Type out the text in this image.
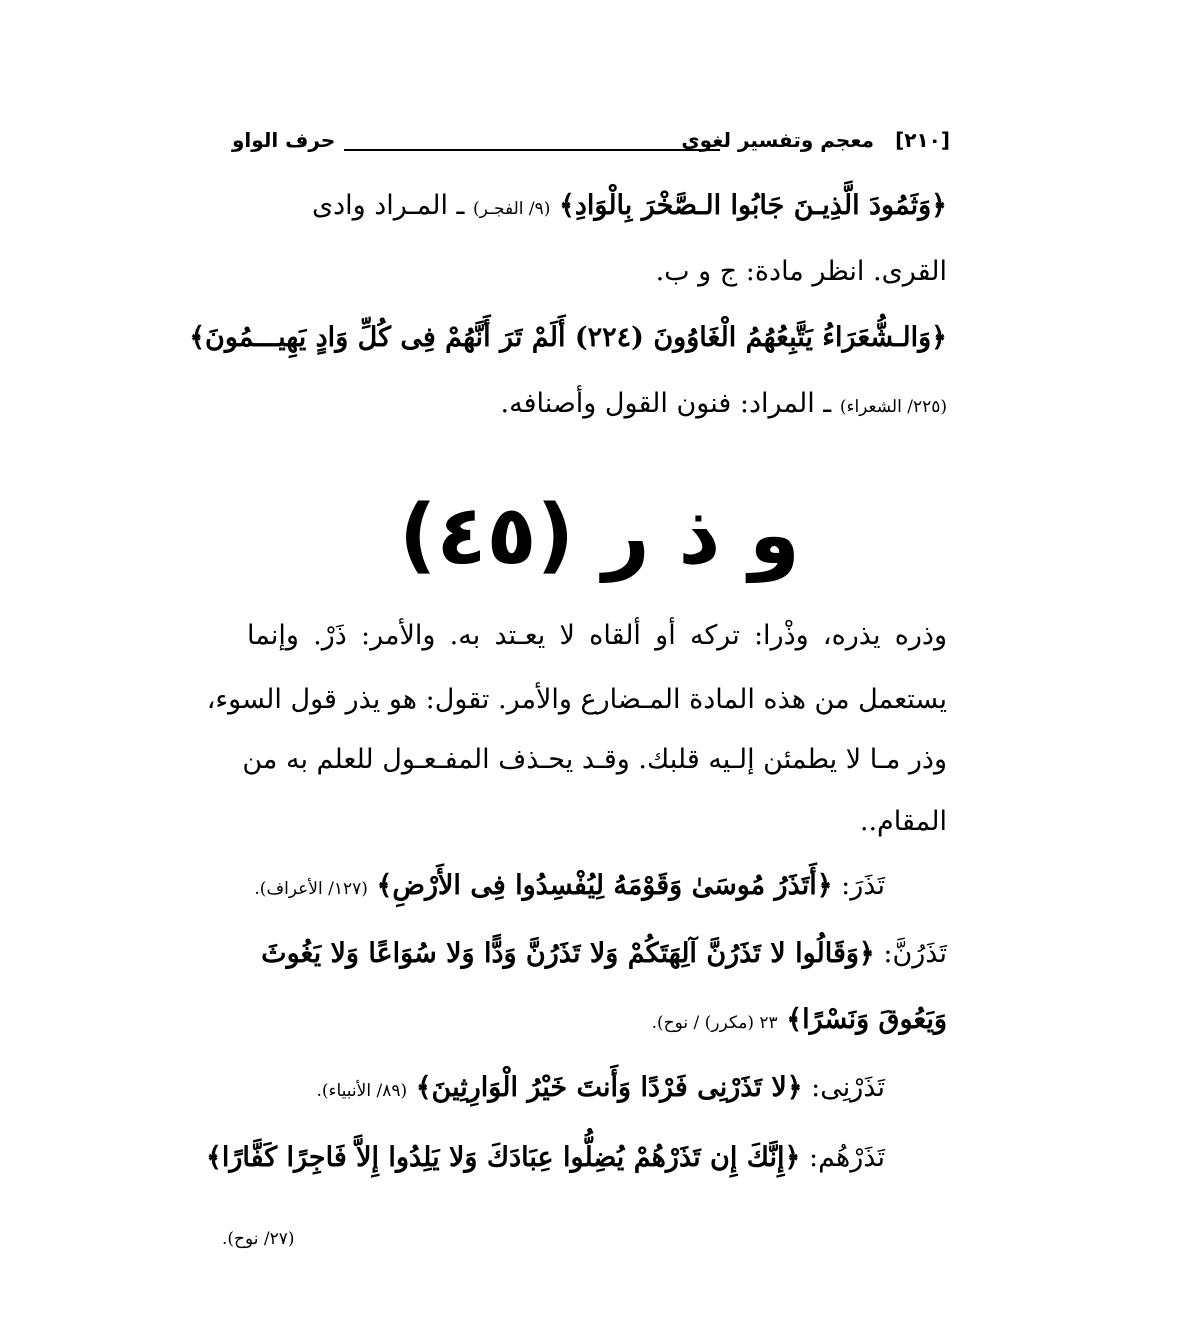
[٢١٠]
معجم وتفسير لغوى
حرف الواو
﴿وَثَمُودَ الَّذِيـنَ جَابُوا الـصَّخْرَ بِالْوَادِ﴾ (٩/ الفجـر) ـ المـراد وادى
القرى. انظر مادة: ج و ب.
﴿وَالـشُّعَرَاءُ يَتَّبِعُهُمُ الْغَاوُونَ (٢٢٤) أَلَمْ تَرَ أَنَّهُمْ فِى كُلِّ وَادٍ يَهِيـــمُونَ﴾
(٢٢٥/ الشعراء) ـ المراد: فنون القول وأصنافه.
و ذ ر (٤٥)
وذره يذره، وذْرا: تركه أو ألقاه لا يعـتد به. والأمر: ذَرْ. وإنما
يستعمل من هذه المادة المـضارع والأمر. تقول: هو يذر قول السوء،
وذر مـا لا يطمئن إلـيه قلبك. وقـد يحـذف المفـعـول للعلم به من
المقام..
تَذَرَ: ﴿أَتَذَرُ مُوسَىٰ وَقَوْمَهُ لِيُفْسِدُوا فِى الأَرْضِ﴾ (١٢٧/ الأعراف).
تَذَرُنَّ: ﴿وَقَالُوا لا تَذَرُنَّ آلِهَتَكُمْ وَلا تَذَرُنَّ وَدًّا وَلا سُوَاعًا وَلا يَغُوثَ
وَيَعُوقَ وَنَسْرًا﴾ ٢٣ (مكرر) / نوح).
تَذَرْنِى: ﴿لا تَذَرْنِى فَرْدًا وَأَنتَ خَيْرُ الْوَارِثِينَ﴾ (٨٩/ الأنبياء).
تَذَرْهُم: ﴿إِنَّكَ إِن تَذَرْهُمْ يُضِلُّوا عِبَادَكَ وَلا يَلِدُوا إِلاَّ فَاجِرًا كَفَّارًا﴾
(٢٧/ نوح).
